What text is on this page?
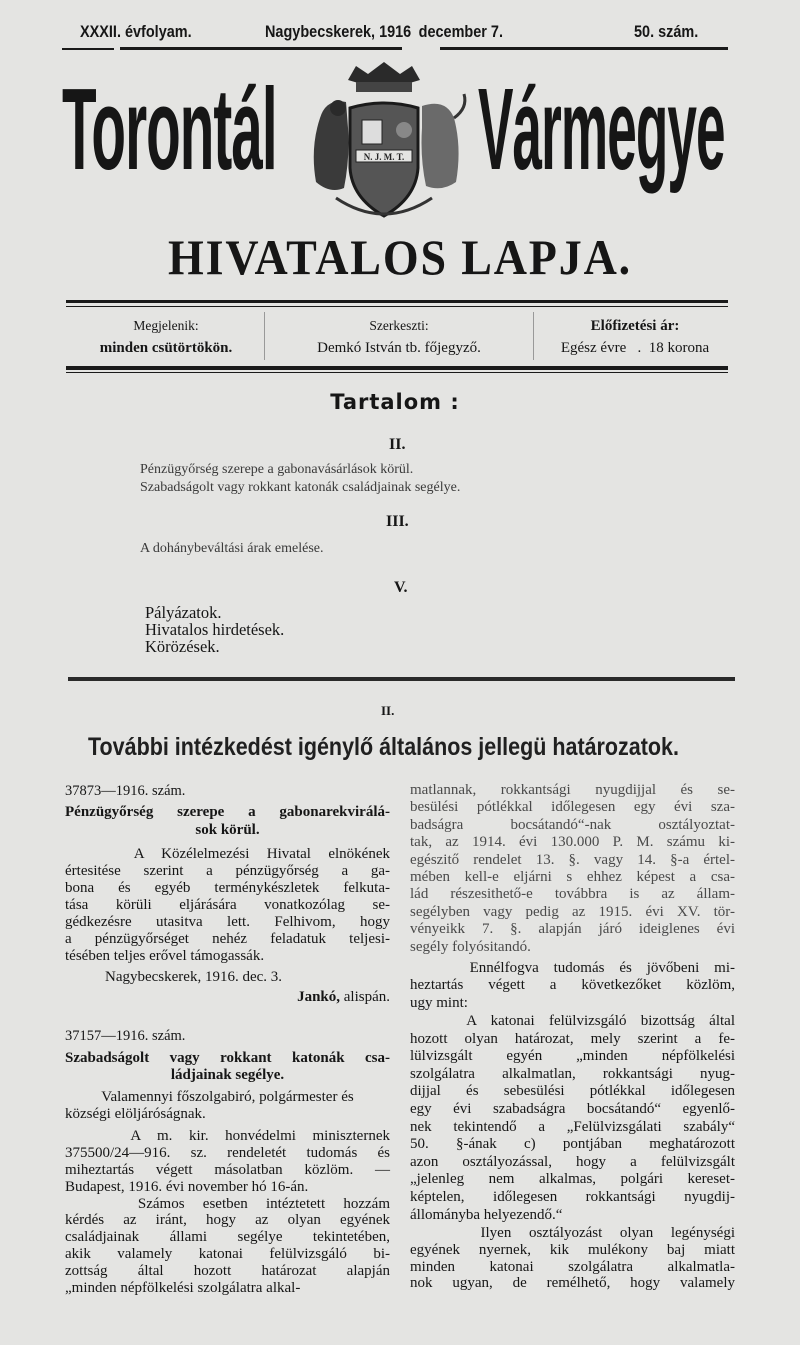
XXXII. évfolyam.	Nagybecskerek, 1916 december 7.	50. szám.
Torontál Vármegye
N. J. M. T.
HIVATALOS LAPJA.
Megjelenik:
minden csütörtökön.
Szerkeszti:
Demkó István tb. főjegyző.
Előfizetési ár:
Egész évre   .  18 korona
Tartalom :
II.
Pénzügyőrség szerepe a gabonavásárlások körül.
Szabadságolt vagy rokkant katonák családjainak segélye.
III.
A dohánybeváltási árak emelése.
V.
Pályázatok.
Hivatalos hirdetések.
Körözések.
II.
További intézkedést igénylő általános jellegü határozatok.
37873—1916. szám.
Pénzügyőrség szerepe a gabonarekvirálá-
sok körül.
A Közélelmezési Hivatal elnökének
értesitése szerint a pénzügyőrség a ga-
bona és egyéb terménykészletek felkuta-
tása körüli eljárására vonatkozólag se-
gédkezésre utasitva lett. Felhivom, hogy
a pénzügyőrséget nehéz feladatuk teljesi-
tésében teljes erővel támogassák.
Nagybecskerek, 1916. dec. 3.
Jankó, alispán.
37157—1916. szám.
Szabadságolt vagy rokkant katonák csa-
ládjainak segélye.
Valamennyi főszolgabiró, polgármester és
községi elöljáróságnak.
A m. kir. honvédelmi miniszternek
375500/24—916. sz. rendeletét tudomás és
miheztartás végett másolatban közlöm. —
Budapest, 1916. évi november hó 16-án.
Számos esetben intéztetett hozzám
kérdés az iránt, hogy az olyan egyének
családjainak állami segélye tekintetében,
akik valamely katonai felülvizsgáló bi-
zottság által hozott határozat alapján
„minden népfölkelési szolgálatra alkal-
matlannak, rokkantsági nyugdijjal és se-
besülési pótlékkal időlegesen egy évi sza-
badságra bocsátandó“-nak osztályoztat-
tak, az 1914. évi 130.000 P. M. számu ki-
egészitő rendelet 13. §. vagy 14. §-a értel-
mében kell-e eljárni s ehhez képest a csa-
lád részesithető-e továbbra is az állam-
segélyben vagy pedig az 1915. évi XV. tör-
vényeikk 7. §. alapján járó ideiglenes évi
segély folyósitandó.
Ennélfogva tudomás és jövőbeni mi-
heztartás végett a következőket közlöm,
ugy mint:
A katonai felülvizsgáló bizottság által
hozott olyan határozat, mely szerint a fe-
lülvizsgált egyén „minden népfölkelési
szolgálatra alkalmatlan, rokkantsági nyug-
dijjal és sebesülési pótlékkal időlegesen
egy évi szabadságra bocsátandó“ egyenlő-
nek tekintendő a „Felülvizsgálati szabály“
50. §-ának c) pontjában meghatározott
azon osztályozással, hogy a felülvizsgált
„jelenleg nem alkalmas, polgári kereset-
képtelen, időlegesen rokkantsági nyugdij-
állományba helyezendő.“
Ilyen osztályozást olyan legénységi
egyének nyernek, kik mulékony baj miatt
minden katonai szolgálatra alkalmatla-
nok ugyan, de remélhető, hogy valamely
